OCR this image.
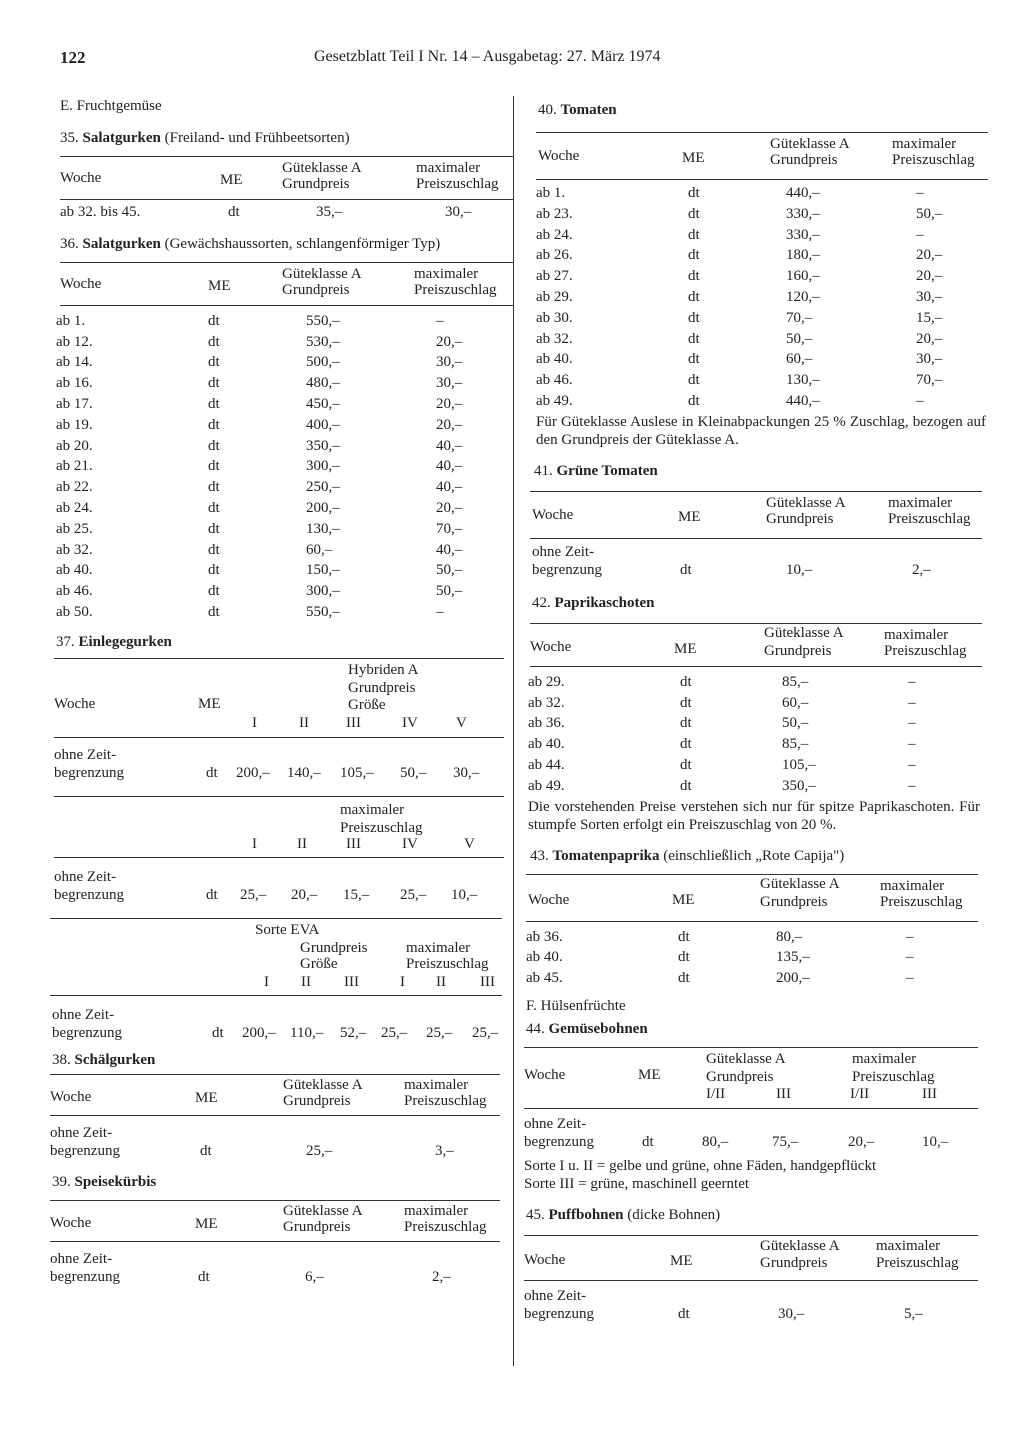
122	Gesetzblatt Teil I Nr. 14 – Ausgabetag: 27. März 1974
E. Fruchtgemüse
35. Salatgurken (Freiland- und Frühbeetsorten)
Woche	ME
Güteklasse A
Grundpreis
maximaler
Preiszuschlag
ab 32. bis 45.	dt	35,–	30,–
36. Salatgurken (Gewächshaussorten, schlangenförmiger Typ)
Woche	ME
Güteklasse A
Grundpreis
maximaler
Preiszuschlag
ab 1.	dt	550,–	–
ab 12.	dt	530,–	20,–
ab 14.	dt	500,–	30,–
ab 16.	dt	480,–	30,–
ab 17.	dt	450,–	20,–
ab 19.	dt	400,–	20,–
ab 20.	dt	350,–	40,–
ab 21.	dt	300,–	40,–
ab 22.	dt	250,–	40,–
ab 24.	dt	200,–	20,–
ab 25.	dt	130,–	70,–
ab 32.	dt	60,–	40,–
ab 40.	dt	150,–	50,–
ab 46.	dt	300,–	50,–
ab 50.	dt	550,–	–
37. Einlegegurken
Woche	ME
Hybriden A
Grundpreis
Größe
I	II III	IV	V
ohne Zeit-
begrenzung	dt 200,– 140,– 105,– 50,– 30,–
maximaler
Preiszuschlag
I	II	III	IV	V
ohne Zeit-
begrenzung	dt 25,– 20,– 15,– 25,– 10,–
Sorte EVA
Grundpreis
Größe
maximaler
Preiszuschlag
I II III	I II III
ohne Zeit-
begrenzung	dt 200,– 110,– 52,– 25,– 25,– 25,–
38. Schälgurken
Woche	ME
Güteklasse A
Grundpreis
maximaler
Preiszuschlag
ohne Zeit-
begrenzung	dt	25,–	3,–
39. Speisekürbis
Woche	ME
Güteklasse A
Grundpreis
maximaler
Preiszuschlag
ohne Zeit-
begrenzung	dt	6,–	2,–
40. Tomaten
Woche	ME
Güteklasse A
Grundpreis
maximaler
Preiszuschlag
ab 1.	dt	440,–	–
ab 23.	dt	330,–	50,–
ab 24.	dt	330,–	–
ab 26.	dt	180,–	20,–
ab 27.	dt	160,–	20,–
ab 29.	dt	120,–	30,–
ab 30.	dt	70,–	15,–
ab 32.	dt	50,–	20,–
ab 40.	dt	60,–	30,–
ab 46.	dt	130,–	70,–
ab 49.	dt	440,–	–

Für Güteklasse Auslese in Kleinabpackungen 25 % Zuschlag, bezogen auf den Grundpreis der Güteklasse A.

41. Grüne Tomaten
Woche	ME
Güteklasse A
Grundpreis
maximaler
Preiszuschlag
ohne Zeit-
begrenzung	dt	10,–	2,–
42. Paprikaschoten
Woche	ME
Güteklasse A
Grundpreis
maximaler
Preiszuschlag
ab 29.	dt	85,–	–
ab 32.	dt	60,–	–
ab 36.	dt	50,–	–
ab 40.	dt	85,–	–
ab 44.	dt	105,–	–
ab 49.	dt	350,–	–

Die vorstehenden Preise verstehen sich nur für spitze Paprikaschoten. Für stumpfe Sorten erfolgt ein Preiszuschlag von 20 %.

43. Tomatenpaprika (einschließlich „Rote Capija")
Woche	ME
Güteklasse A
Grundpreis
maximaler
Preiszuschlag
ab 36.	dt	80,–	–
ab 40.	dt	135,–	–
ab 45.	dt	200,–	–
F. Hülsenfrüchte
44. Gemüsebohnen
Woche	ME
Güteklasse A
Grundpreis
I/II	III
maximaler
Preiszuschlag
I/II	III
ohne Zeit-
begrenzung	dt	80,–	75,–	20,–	10,–
Sorte I u. II = gelbe und grüne, ohne Fäden, handgepflückt
Sorte III = grüne, maschinell geerntet
45. Puffbohnen (dicke Bohnen)
Woche	ME
Güteklasse A
Grundpreis
maximaler
Preiszuschlag
ohne Zeit-
begrenzung	dt	30,–	5,–
